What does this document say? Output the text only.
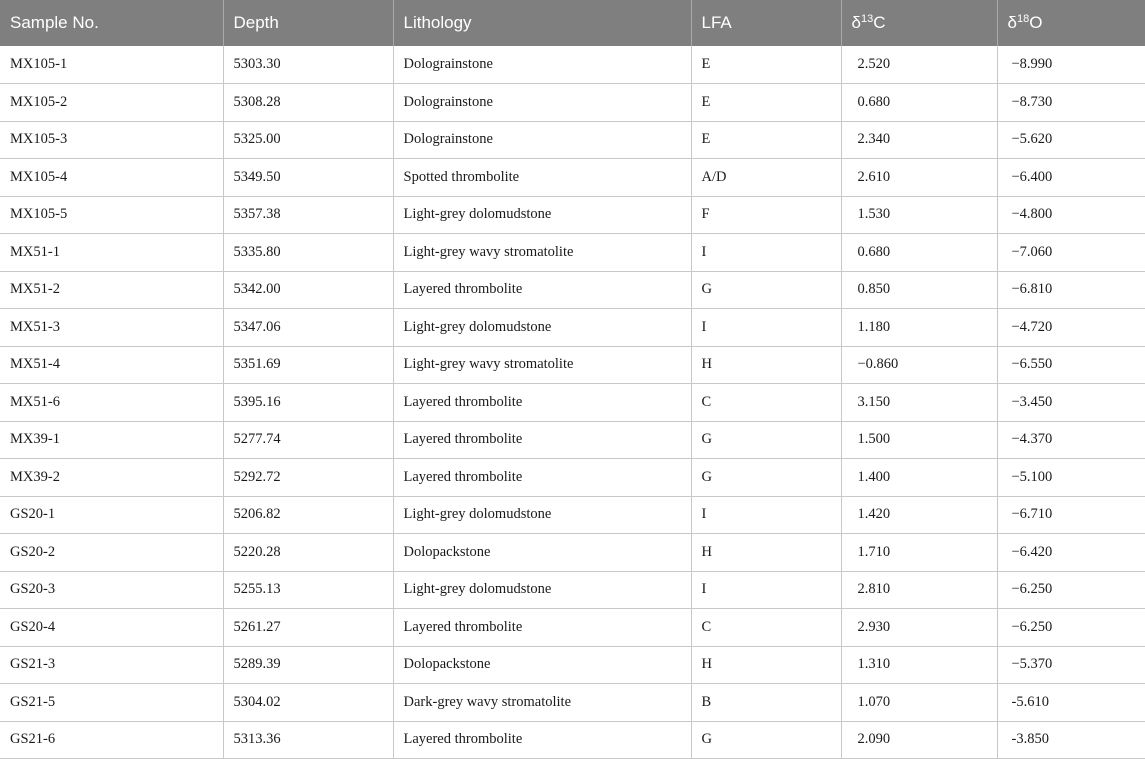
Sample No.	Depth	Lithology	LFA	$\delta^{13}C$	$\delta^{18}O$
MX105-1	5303.30	Dolograinstone	E	2.520	−8.990
MX105-2	5308.28	Dolograinstone	E	0.680	−8.730
MX105-3	5325.00	Dolograinstone	E	2.340	−5.620
MX105-4	5349.50	Spotted thrombolite	A/D	2.610	−6.400
MX105-5	5357.38	Light-grey dolomudstone	F	1.530	−4.800
MX51-1	5335.80	Light-grey wavy stromatolite	I	0.680	−7.060
MX51-2	5342.00	Layered thrombolite	G	0.850	−6.810
MX51-3	5347.06	Light-grey dolomudstone	I	1.180	−4.720
MX51-4	5351.69	Light-grey wavy stromatolite	H	−0.860	−6.550
MX51-6	5395.16	Layered thrombolite	C	3.150	−3.450
MX39-1	5277.74	Layered thrombolite	G	1.500	−4.370
MX39-2	5292.72	Layered thrombolite	G	1.400	−5.100
GS20-1	5206.82	Light-grey dolomudstone	I	1.420	−6.710
GS20-2	5220.28	Dolopackstone	H	1.710	−6.420
GS20-3	5255.13	Light-grey dolomudstone	I	2.810	−6.250
GS20-4	5261.27	Layered thrombolite	C	2.930	−6.250
GS21-3	5289.39	Dolopackstone	H	1.310	−5.370
GS21-5	5304.02	Dark-grey wavy stromatolite	B	1.070	-5.610
GS21-6	5313.36	Layered thrombolite	G	2.090	-3.850
